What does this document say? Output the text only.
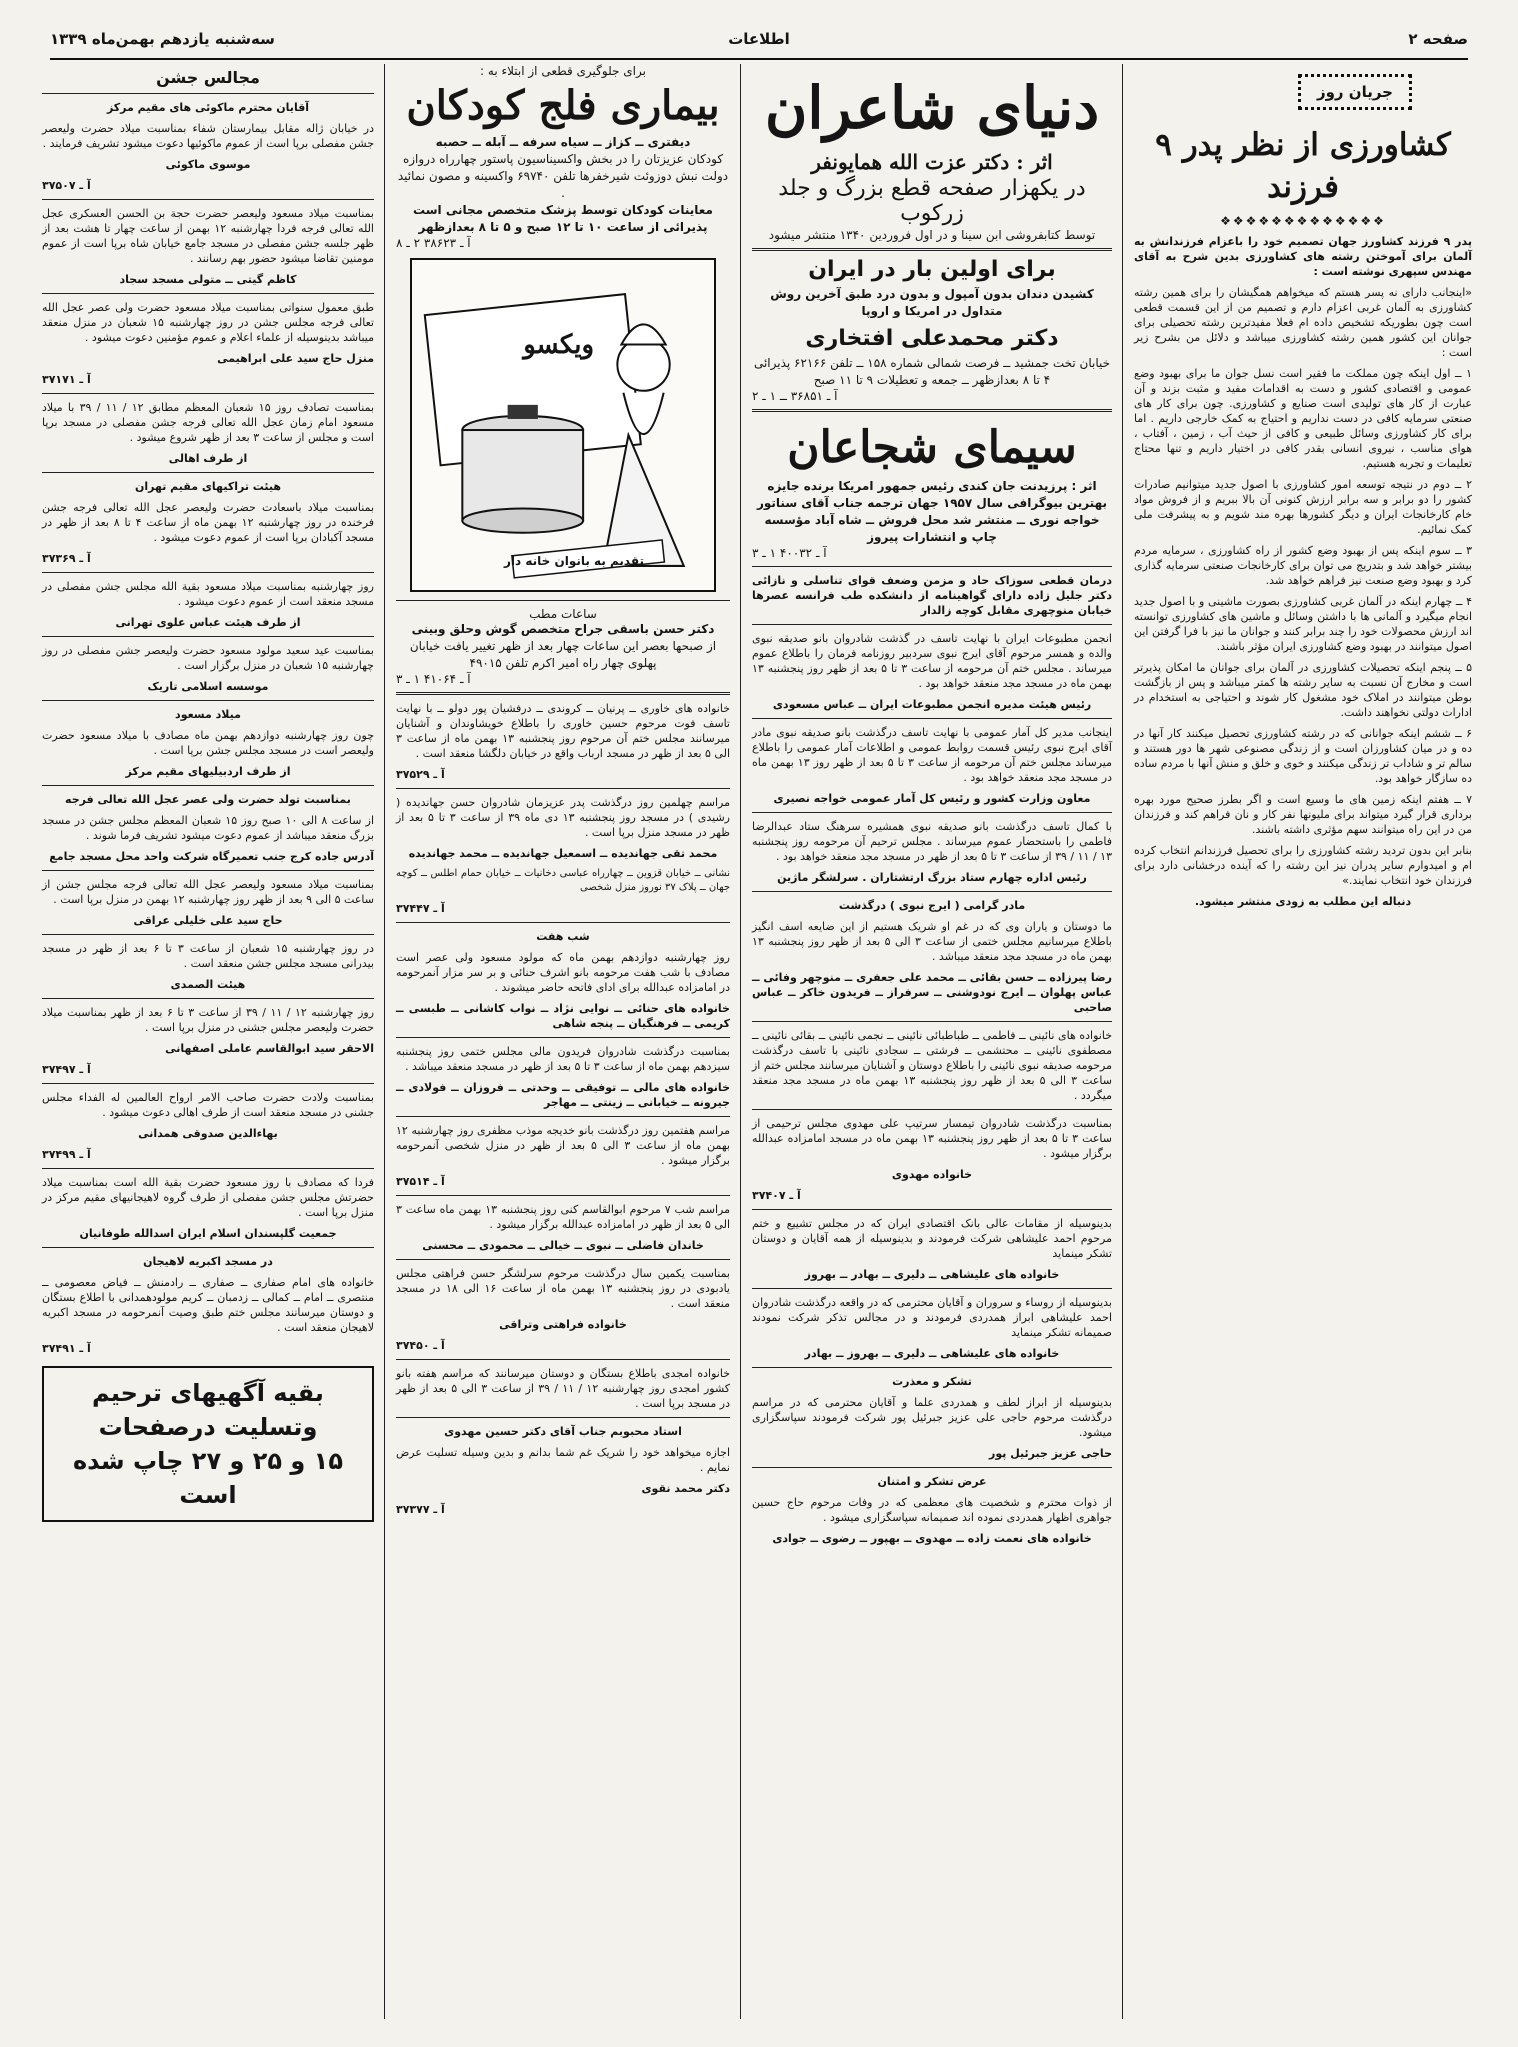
صفحه ۲
اطلاعات
سه‌شنبه یازدهم بهمن‌ماه ۱۳۳۹
جریان روز
کشاورزی از نظر پدر ۹ فرزند
❖❖❖❖❖❖❖❖❖❖❖❖❖

پدر ۹ فرزند کشاورز جهان تصمیم خود را باعزام فرزندانش به آلمان برای آموختن رشته های کشاورزی بدین شرح به آقای مهندس سپهری نوشته است :

«اینجانب دارای نه پسر هستم که میخواهم همگیشان را برای همین رشته کشاورزی به آلمان غربی اعزام دارم و تصمیم من از این قسمت قطعی است چون بطوریکه تشخیص داده ام فعلا مفیدترین رشته تحصیلی برای جوانان این کشور همین رشته کشاورزی میباشد و دلائل من بشرح زیر است :

۱ ــ اول اینکه چون مملکت ما فقیر است نسل جوان ما برای بهبود وضع عمومی و اقتصادی کشور و دست به اقدامات مفید و مثبت بزند و آن عبارت از کار های تولیدی است صنایع و کشاورزی. چون برای کار های صنعتی سرمایه کافی در دست نداریم و احتیاج به کمک خارجی داریم . اما برای کار کشاورزی وسائل طبیعی و کافی از حیث آب ، زمین ، آفتاب ، هوای مناسب ، نیروی انسانی بقدر کافی در اختیار داریم و تنها محتاج تعلیمات و تجربه هستیم.

۲ ــ دوم در نتیجه توسعه امور کشاورزی با اصول جدید میتوانیم صادرات کشور را دو برابر و سه برابر ارزش کنونی آن بالا ببریم و از فروش مواد خام کارخانجات ایران و دیگر کشورها بهره مند شویم و به پیشرفت ملی کمک نمائیم.

۳ ــ سوم اینکه پس از بهبود وضع کشور از راه کشاورزی ، سرمایه مردم بیشتر خواهد شد و بتدریج می توان برای کارخانجات صنعتی سرمایه گذاری کرد و بهبود وضع صنعت نیز فراهم خواهد شد.

۴ ــ چهارم اینکه در آلمان غربی کشاورزی بصورت ماشینی و با اصول جدید انجام میگیرد و آلمانی ها با داشتن وسائل و ماشین های کشاورزی توانسته اند ارزش محصولات خود را چند برابر کنند و جوانان ما نیز با فرا گرفتن این اصول میتوانند در بهبود وضع کشاورزی ایران مؤثر باشند.

۵ ــ پنجم اینکه تحصیلات کشاورزی در آلمان برای جوانان ما امکان پذیرتر است و مخارج آن نسبت به سایر رشته ها کمتر میباشد و پس از بازگشت بوطن میتوانند در املاک خود مشغول کار شوند و احتیاجی به استخدام در ادارات دولتی نخواهند داشت.

۶ ــ ششم اینکه جوانانی که در رشته کشاورزی تحصیل میکنند کار آنها در ده و در میان کشاورزان است و از زندگی مصنوعی شهر ها دور هستند و سالم تر و شاداب تر زندگی میکنند و خوی و خلق و منش آنها با مردم ساده ده سازگار خواهد بود.

۷ ــ هفتم اینکه زمین های ما وسیع است و اگر بطرز صحیح مورد بهره برداری قرار گیرد میتواند برای ملیونها نفر کار و نان فراهم کند و فرزندان من در این راه میتوانند سهم مؤثری داشته باشند.

بنابر این بدون تردید رشته کشاورزی را برای تحصیل فرزندانم انتخاب کرده ام و امیدوارم سایر پدران نیز این رشته را که آینده درخشانی دارد برای فرزندان خود انتخاب نمایند.»

دنباله این مطلب به زودی منتشر میشود.

دنیای شاعران
اثر : دکتر عزت الله همایونفر
در یکهزار صفحه قطع بزرگ و جلد زرکوب
توسط کتابفروشی ابن سینا و در اول فروردین ۱۳۴۰ منتشر میشود
برای اولین بار در ایران
کشیدن دندان بدون آمپول و بدون درد طبق آخرین روش متداول در امریکا و اروپا
دکتر محمدعلی افتخاری
خیابان تخت جمشید ــ فرصت شمالی شماره ۱۵۸ ــ تلفن ۶۲۱۶۶ پذیرائی ۴ تا ۸ بعدازظهر ــ جمعه و تعطیلات ۹ تا ۱۱ صبح
آ ـ ۳۶۸۵۱ ــ ۱ ـ ۲
سیمای شجاعان
اثر : پرزیدنت جان کندی رئیس جمهور امریکا برنده جایزه بهترین بیوگرافی سال ۱۹۵۷ جهان ترجمه جناب آقای سناتور خواجه نوری ــ منتشر شد محل فروش ــ شاه آباد مؤسسه چاپ و انتشارات پیروز
آ ـ ۴۰۰۳۲ ۱ ـ ۳
درمان قطعی سوزاک حاد و مزمن وضعف قوای تناسلی و نازائی دکتر جلیل زاده دارای گواهینامه از دانشکده طب فرانسه عصرها خیابان منوچهری مقابل کوچه زالدار

انجمن مطبوعات ایران با نهایت تاسف در گذشت شادروان بانو صدیقه نبوی والده و همسر مرحوم آقای ایرج نبوی سردبیر روزنامه فرمان را باطلاع عموم میرساند . مجلس ختم آن مرحومه از ساعت ۳ تا ۵ بعد از ظهر روز پنجشنبه ۱۳ بهمن ماه در مسجد مجد منعقد خواهد بود .

رئیس هیئت مدیره انجمن مطبوعات ایران ــ عباس مسعودی

اینجانب مدیر کل آمار عمومی با نهایت تاسف درگذشت بانو صدیقه نبوی مادر آقای ایرج نبوی رئیس قسمت روابط عمومی و اطلاعات آمار عمومی را باطلاع میرساند مجلس ختم آن مرحومه از ساعت ۳ تا ۵ بعد از ظهر روز ۱۳ بهمن ماه در مسجد مجد منعقد خواهد بود .

معاون وزارت کشور و رئیس کل آمار عمومی خواجه نصیری

با کمال تاسف درگذشت بانو صدیقه نبوی همشیره سرهنگ ستاد عبدالرضا فاطمی را باستحضار عموم میرساند . مجلس ترحیم آن مرحومه روز پنجشنبه ۱۳ / ۱۱ / ۳۹ از ساعت ۳ تا ۵ بعد از ظهر در مسجد مجد منعقد خواهد بود .

رئیس اداره چهارم ستاد بزرگ ارتشتاران . سرلشگر ماژین

مادر گرامی ( ایرج نبوی ) درگذشت

ما دوستان و یاران وی که در غم او شریک هستیم از این ضایعه اسف انگیز باطلاع میرسانیم مجلس ختمی از ساعت ۳ الی ۵ بعد از ظهر روز پنجشنبه ۱۳ بهمن ماه در مسجد مجد منعقد میباشد .

رضا پیرزاده ــ حسن بقائی ــ محمد علی جعفری ــ منوچهر وفائی ــ عباس پهلوان ــ ایرج نودوشنی ــ سرفراز ــ فریدون خاکر ــ عباس صاحبی

خانواده های نائینی ــ فاطمی ــ طباطبائی نائینی ــ نجمی نائینی ــ بقائی نائینی ــ مصطفوی نائینی ــ محتشمی ــ فرشتی ــ سجادی نائینی با تاسف درگذشت مرحومه صدیقه نبوی نائینی را باطلاع دوستان و آشنایان میرسانند مجلس ختم از ساعت ۳ الی ۵ بعد از ظهر روز پنجشنبه ۱۳ بهمن ماه در مسجد مجد منعقد میگردد .

بمناسبت درگذشت شادروان تیمسار سرتیپ علی مهدوی مجلس ترحیمی از ساعت ۳ تا ۵ بعد از ظهر روز پنجشنبه ۱۳ بهمن ماه در مسجد امامزاده عبدالله برگزار میشود .

خانواده مهدوی

آ ـ ۳۷۴۰۷

بدینوسیله از مقامات عالی بانک اقتصادی ایران که در مجلس تشییع و ختم مرحوم احمد علیشاهی شرکت فرمودند و بدینوسیله از همه آقایان و دوستان تشکر مینماید

خانواده های علیشاهی ــ دلیری ــ بهادر ــ بهروز

بدینوسیله از روساء و سروران و آقایان محترمی که در واقعه درگذشت شادروان احمد علیشاهی ابراز همدردی فرمودند و در مجالس تذکر شرکت نمودند صمیمانه تشکر مینماید

خانواده های علیشاهی ــ دلیری ــ بهروز ــ بهادر

تشکر و معذرت

بدینوسیله از ابراز لطف و همدردی علما و آقایان محترمی که در مراسم درگذشت مرحوم حاجی علی عزیز جبرئیل پور شرکت فرمودند سپاسگزاری میشود.

حاجی عزیز جبرئیل پور

عرض تشکر و امتنان

از ذوات محترم و شخصیت های معظمی که در وفات مرحوم حاج حسین جواهری اظهار همدردی نموده اند صمیمانه سپاسگزاری میشود .

خانواده های نعمت زاده ــ مهدوی ــ بهپور ــ رضوی ــ جوادی

برای جلوگیری قطعی از ابتلاء به :
بیماری فلج کودکان
دیفتری ــ کزاز ــ سیاه سرفه ــ آبله ــ حصبه
کودکان عزیزتان را در بخش واکسیناسیون پاستور چهارراه دروازه دولت نبش دوزوئت شیرخفرها تلفن ۶۹۷۴۰ واکسینه و مصون نمائید .
معاینات کودکان توسط پزشک متخصص مجانی است پذیرائی از ساعت ۱۰ تا ۱۲ صبح و ۵ تا ۸ بعدازظهر
آ ـ ۳۸۶۲۳ ۲ ـ ۸
ویکسو
تقدیم به بانوان خانه دار
ساعات مطب
دکتر حسن باسقی جراح متخصص گوش وحلق وبینی
از صبحها بعصر این ساعات چهار بعد از ظهر تغییر یافت خیابان پهلوی چهار راه امیر اکرم تلفن ۴۹۰۱۵
آ ـ ۴۱۰۶۴ ۱ ـ ۳

خانواده های خاوری ــ پرنیان ــ کروندی ــ درفشیان پور دولو ــ با نهایت تاسف فوت مرحوم حسین خاوری را باطلاع خویشاوندان و آشنایان میرسانند مجلس ختم آن مرحوم روز پنجشنبه ۱۳ بهمن ماه از ساعت ۳ الی ۵ بعد از ظهر در مسجد ارباب واقع در خیابان دلگشا منعقد است .

آ ـ ۳۷۵۲۹

مراسم چهلمین روز درگذشت پدر عزیزمان شادروان حسن جهاندیده ( رشیدی ) در مسجد روز پنجشنبه ۱۳ دی ماه ۳۹ از ساعت ۳ تا ۵ بعد از ظهر در مسجد منزل برپا است .

محمد تقی جهاندیده ــ اسمعیل جهاندیده ــ محمد جهاندیده

نشانی ــ خیابان قزوین ــ چهارراه عباسی دخانیات ــ خیابان حمام اطلس ــ کوچه جهان ــ پلاک ۳۷ نوروز منزل شخصی

آ ـ ۳۷۴۴۷

شب هفت

روز چهارشنبه دوازدهم بهمن ماه که مولود مسعود ولی عصر است مصادف با شب هفت مرحومه بانو اشرف حنائی و بر سر مزار آنمرحومه در امامزاده عبدالله برای ادای فاتحه حاضر میشوند .

خانواده های حنائی ــ نوایی نژاد ــ نواب کاشانی ــ طبسی ــ کریمی ــ فرهنگیان ــ پنجه شاهی

بمناسبت درگذشت شادروان فریدون مالی مجلس ختمی روز پنجشنبه سیزدهم بهمن ماه از ساعت ۳ تا ۵ بعد از ظهر در مسجد منعقد میباشد .

خانواده های مالی ــ توفیقی ــ وحدتی ــ فروزان ــ فولادی ــ جیرونه ــ خیابانی ــ زینتی ــ مهاجر

مراسم هفتمین روز درگذشت بانو خدیجه موذب مظفری روز چهارشنبه ۱۲ بهمن ماه از ساعت ۳ الی ۵ بعد از ظهر در منزل شخصی آنمرحومه برگزار میشود .

آ ـ ۳۷۵۱۴

مراسم شب ۷ مرحوم ابوالقاسم کنی روز پنجشنبه ۱۳ بهمن ماه ساعت ۳ الی ۵ بعد از ظهر در امامزاده عبدالله برگزار میشود .

خاندان فاضلی ــ نبوی ــ خیالی ــ محمودی ــ محسنی

بمناسبت یکمین سال درگذشت مرحوم سرلشگر حسن فراهتی مجلس یادبودی در روز پنجشنبه ۱۳ بهمن ماه از ساعت ۱۶ الی ۱۸ در مسجد منعقد است .

خانواده فراهتی وتراقی

آ ـ ۳۷۴۵۰

خانواده امجدی باطلاع بستگان و دوستان میرسانند که مراسم هفته بانو کشور امجدی روز چهارشنبه ۱۲ / ۱۱ / ۳۹ از ساعت ۳ الی ۵ بعد از ظهر در مسجد برپا است .

استاد محبوبم جناب آقای دکتر حسین مهدوی

اجازه میخواهد خود را شریک غم شما بدانم و بدین وسیله تسلیت عرض نمایم .

دکتر محمد نقوی

آ ـ ۳۷۳۷۷

مجالس جشن

آقایان محترم ماکوئی های مقیم مرکز

در خیابان ژاله مقابل بیمارستان شفاء بمناسبت میلاد حضرت ولیعصر جشن مفصلی برپا است از عموم ماکوئیها دعوت میشود تشریف فرمایند .

موسوی ماکوئی

آ ـ ۳۷۵۰۷

بمناسبت میلاد مسعود ولیعصر حضرت حجة بن الحسن العسکری عجل الله تعالی فرجه فردا چهارشنبه ۱۲ بهمن از ساعت چهار تا هشت بعد از ظهر جلسه جشن مفصلی در مسجد جامع خیابان شاه برپا است از عموم مومنین تقاضا میشود حضور بهم رسانند .

کاظم گیتی ــ متولی مسجد سجاد

طبق معمول سنواتی بمناسبت میلاد مسعود حضرت ولی عصر عجل الله تعالی فرجه مجلس جشن در روز چهارشنبه ۱۵ شعبان در منزل منعقد میباشد بدینوسیله از علماء اعلام و عموم مؤمنین دعوت میشود .

منزل حاج سید علی ابراهیمی

آ ـ ۳۷۱۷۱

بمناسبت تصادف روز ۱۵ شعبان المعظم مطابق ۱۲ / ۱۱ / ۳۹ با میلاد مسعود امام زمان عجل الله تعالی فرجه جشن مفصلی در مسجد برپا است و مجلس از ساعت ۳ بعد از ظهر شروع میشود .

از طرف اهالی

هیئت تراکیهای مقیم تهران

بمناسبت میلاد باسعادت حضرت ولیعصر عجل الله تعالی فرجه جشن فرخنده در روز چهارشنبه ۱۲ بهمن ماه از ساعت ۴ تا ۸ بعد از ظهر در مسجد آکبادان برپا است از عموم دعوت میشود .

آ ـ ۳۷۳۶۹

روز چهارشنبه بمناسبت میلاد مسعود بقیة الله مجلس جشن مفصلی در مسجد منعقد است از عموم دعوت میشود .

از طرف هیئت عباس علوی تهرانی

بمناسبت عید سعید مولود مسعود حضرت ولیعصر جشن مفصلی در روز چهارشنبه ۱۵ شعبان در منزل برگزار است .

موسسه اسلامی تاریک

میلاد مسعود

چون روز چهارشنبه دوازدهم بهمن ماه مصادف با میلاد مسعود حضرت ولیعصر است در مسجد مجلس جشن برپا است .

از طرف اردبیلیهای مقیم مرکز

بمناسبت تولد حضرت ولی عصر عجل الله تعالی فرجه

از ساعت ۸ الی ۱۰ صبح روز ۱۵ شعبان المعظم مجلس جشن در مسجد بزرگ منعقد میباشد از عموم دعوت میشود تشریف فرما شوند .

آدرس جاده کرج جنب تعمیرگاه شرکت واحد محل مسجد جامع

بمناسبت میلاد مسعود ولیعصر عجل الله تعالی فرجه مجلس جشن از ساعت ۵ الی ۹ بعد از ظهر روز چهارشنبه ۱۲ بهمن در منزل برپا است .

حاج سید علی خلیلی عراقی

در روز چهارشنبه ۱۵ شعبان از ساعت ۳ تا ۶ بعد از ظهر در مسجد بیدرانی مسجد مجلس جشن منعقد است .

هیئت الصمدی

روز چهارشنبه ۱۲ / ۱۱ / ۳۹ از ساعت ۳ تا ۶ بعد از ظهر بمناسبت میلاد حضرت ولیعصر مجلس جشنی در منزل برپا است .

الاحقر سید ابوالقاسم عاملی اصفهانی

آ ـ ۳۷۴۹۷

بمناسبت ولادت حضرت صاحب الامر ارواح العالمین له الفداء مجلس جشنی در مسجد منعقد است از طرف اهالی دعوت میشود .

بهاءالدین صدوقی همدانی

آ ـ ۳۷۴۹۹

فردا که مصادف با روز مسعود حضرت بقیة الله است بمناسبت میلاد حضرتش مجلس جشن مفصلی از طرف گروه لاهیجانیهای مقیم مرکز در منزل برپا است .

جمعیت گلپسندان اسلام ایران اسدالله طوفانیان

در مسجد اکبریه لاهیجان

خانواده های امام صفاری ــ صفاری ــ رادمنش ــ فیاض معصومی ــ منتصری ــ امام ــ کمالی ــ زدمبان ــ کریم مولودهمدانی با اطلاع بستگان و دوستان میرسانند مجلس ختم طبق وصیت آنمرحومه در مسجد اکبریه لاهیجان منعقد است .

آ ـ ۳۷۴۹۱

بقیه آگهیهای ترحیم وتسلیت درصفحات
۱۵ و ۲۵ و ۲۷ چاپ شده است
